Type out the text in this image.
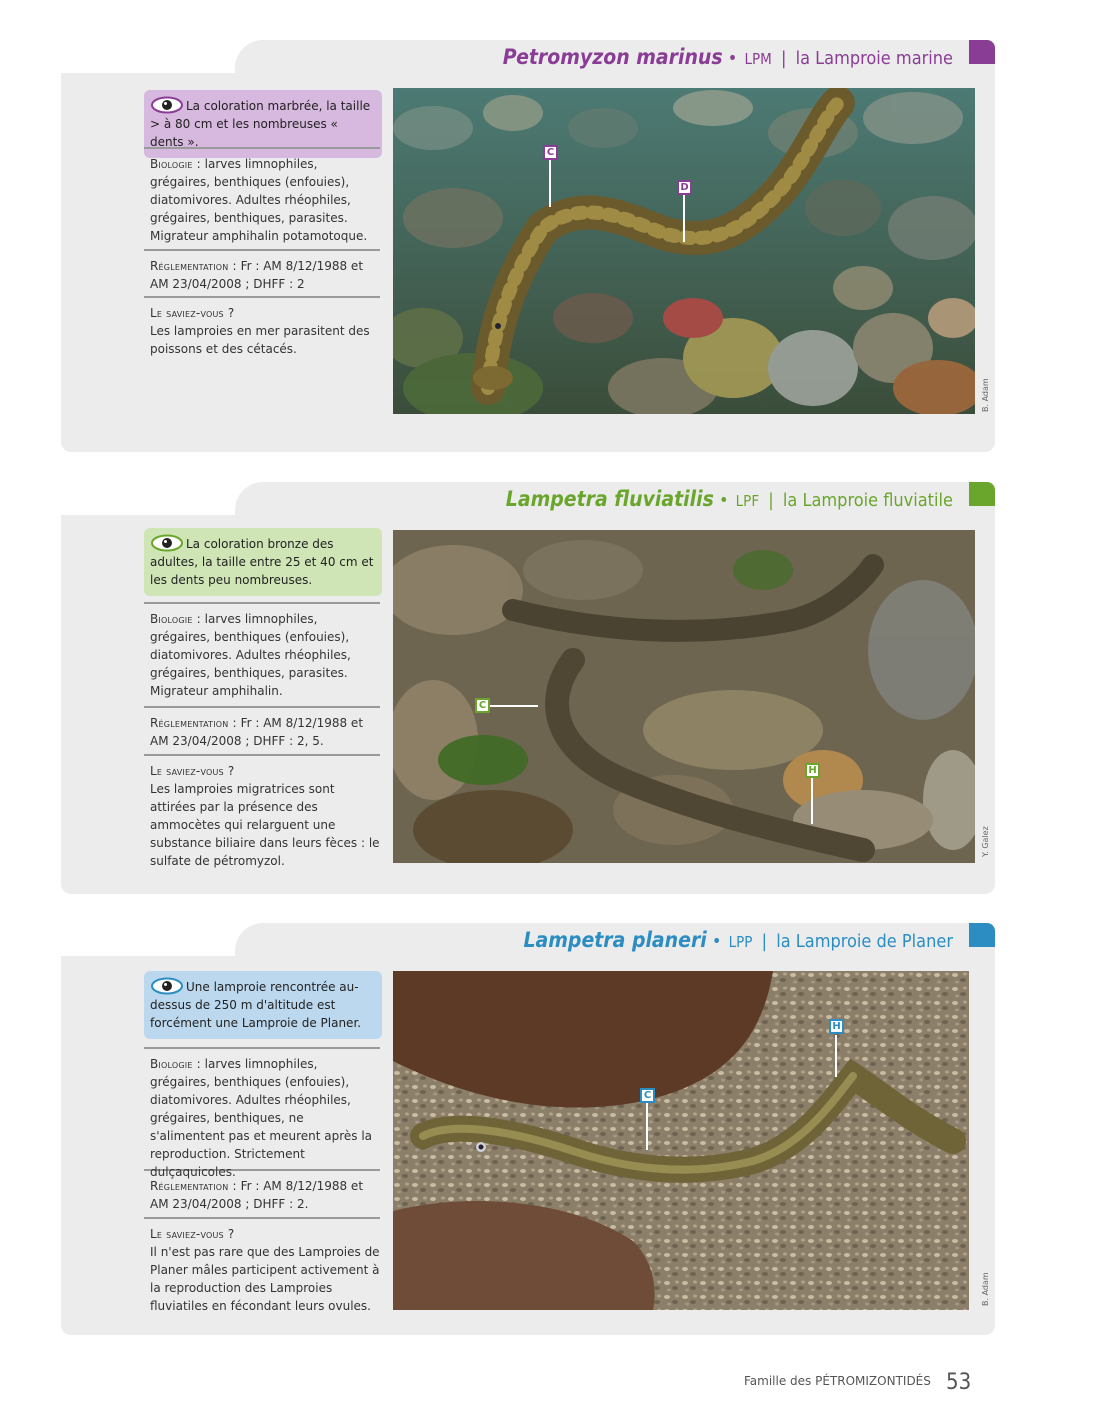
Petromyzon marinus • LPM | la Lamproie marine
La coloration marbrée, la taille > à 80 cm et les nombreuses « dents ».
Biologie : larves limnophiles, grégaires, benthiques (enfouies), diatomivores. Adultes rhéophiles, grégaires, benthiques, parasites. Migrateur amphihalin potamotoque.
Réglementation : Fr : AM 8/12/1988 et AM 23/04/2008 ; DHFF : 2
Le saviez-vous ?
Les lamproies en mer parasitent des poissons et des cétacés.
C
D
B. Adam
Lampetra fluviatilis • LPF | la Lamproie fluviatile
La coloration bronze des adultes, la taille entre 25 et 40 cm et les dents peu nombreuses.
Biologie : larves limnophiles, grégaires, benthiques (enfouies), diatomivores. Adultes rhéophiles, grégaires, benthiques, parasites. Migrateur amphihalin.
Réglementation : Fr : AM 8/12/1988 et AM 23/04/2008 ; DHFF : 2, 5.
Le saviez-vous ?
Les lamproies migratrices sont attirées par la présence des ammocètes qui relarguent une substance biliaire dans leurs fèces : le sulfate de pétromyzol.
C
H
Y. Galez
Lampetra planeri • LPP | la Lamproie de Planer
Une lamproie rencontrée au-dessus de 250 m d'altitude est forcément une Lamproie de Planer.
Biologie : larves limnophiles, grégaires, benthiques (enfouies), diatomivores. Adultes rhéophiles, grégaires, benthiques, ne s'alimentent pas et meurent après la reproduction. Strictement dulçaquicoles.
Réglementation : Fr : AM 8/12/1988 et AM 23/04/2008 ; DHFF : 2.
Le saviez-vous ?
Il n'est pas rare que des Lamproies de Planer mâles participent activement à la reproduction des Lamproies fluviatiles en fécondant leurs ovules.
H
C
B. Adam
Famille des PÉTROMIZONTIDÉS 53
